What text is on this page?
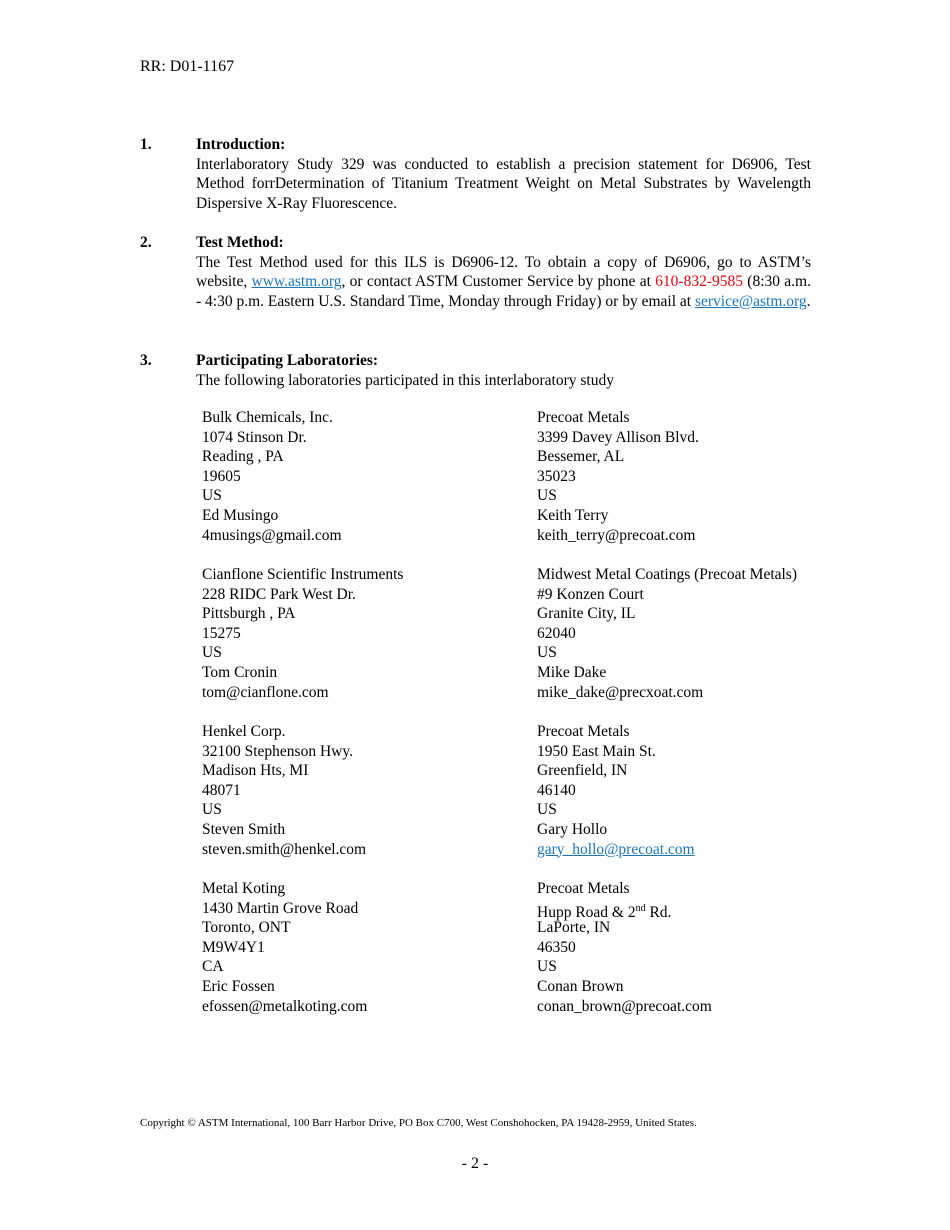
RR: D01-1167
1.	Introduction:
Interlaboratory Study 329 was conducted to establish a precision statement for D6906, Test Method forrDetermination of Titanium Treatment Weight on Metal Substrates by Wavelength Dispersive X-Ray Fluorescence.
2.	Test Method:
The Test Method used for this ILS is D6906-12. To obtain a copy of D6906, go to ASTM’s website, www.astm.org, or contact ASTM Customer Service by phone at 610-832-9585 (8:30 a.m. - 4:30 p.m. Eastern U.S. Standard Time, Monday through Friday) or by email at service@astm.org.
3.	Participating Laboratories:
The following laboratories participated in this interlaboratory study
Bulk Chemicals, Inc.
1074 Stinson Dr.
Reading , PA
19605
US
Ed Musingo
4musings@gmail.com
Precoat Metals
3399 Davey Allison Blvd.
Bessemer, AL
35023
US
Keith Terry
keith_terry@precoat.com
Cianflone Scientific Instruments
228 RIDC Park West Dr.
Pittsburgh , PA
15275
US
Tom Cronin
tom@cianflone.com
Midwest Metal Coatings (Precoat Metals)
#9 Konzen Court
Granite City, IL
62040
US
Mike Dake
mike_dake@precxoat.com
Henkel Corp.
32100 Stephenson Hwy.
Madison Hts, MI
48071
US
Steven Smith
steven.smith@henkel.com
Precoat Metals
1950 East Main St.
Greenfield, IN
46140
US
Gary Hollo
gary_hollo@precoat.com
Metal Koting
1430 Martin Grove Road
Toronto, ONT
M9W4Y1
CA
Eric Fossen
efossen@metalkoting.com
Precoat Metals
Hupp Road & 2nd Rd.
LaPorte, IN
46350
US
Conan Brown
conan_brown@precoat.com
Copyright © ASTM International, 100 Barr Harbor Drive, PO Box C700, West Conshohocken, PA 19428-2959, United States.
- 2 -
